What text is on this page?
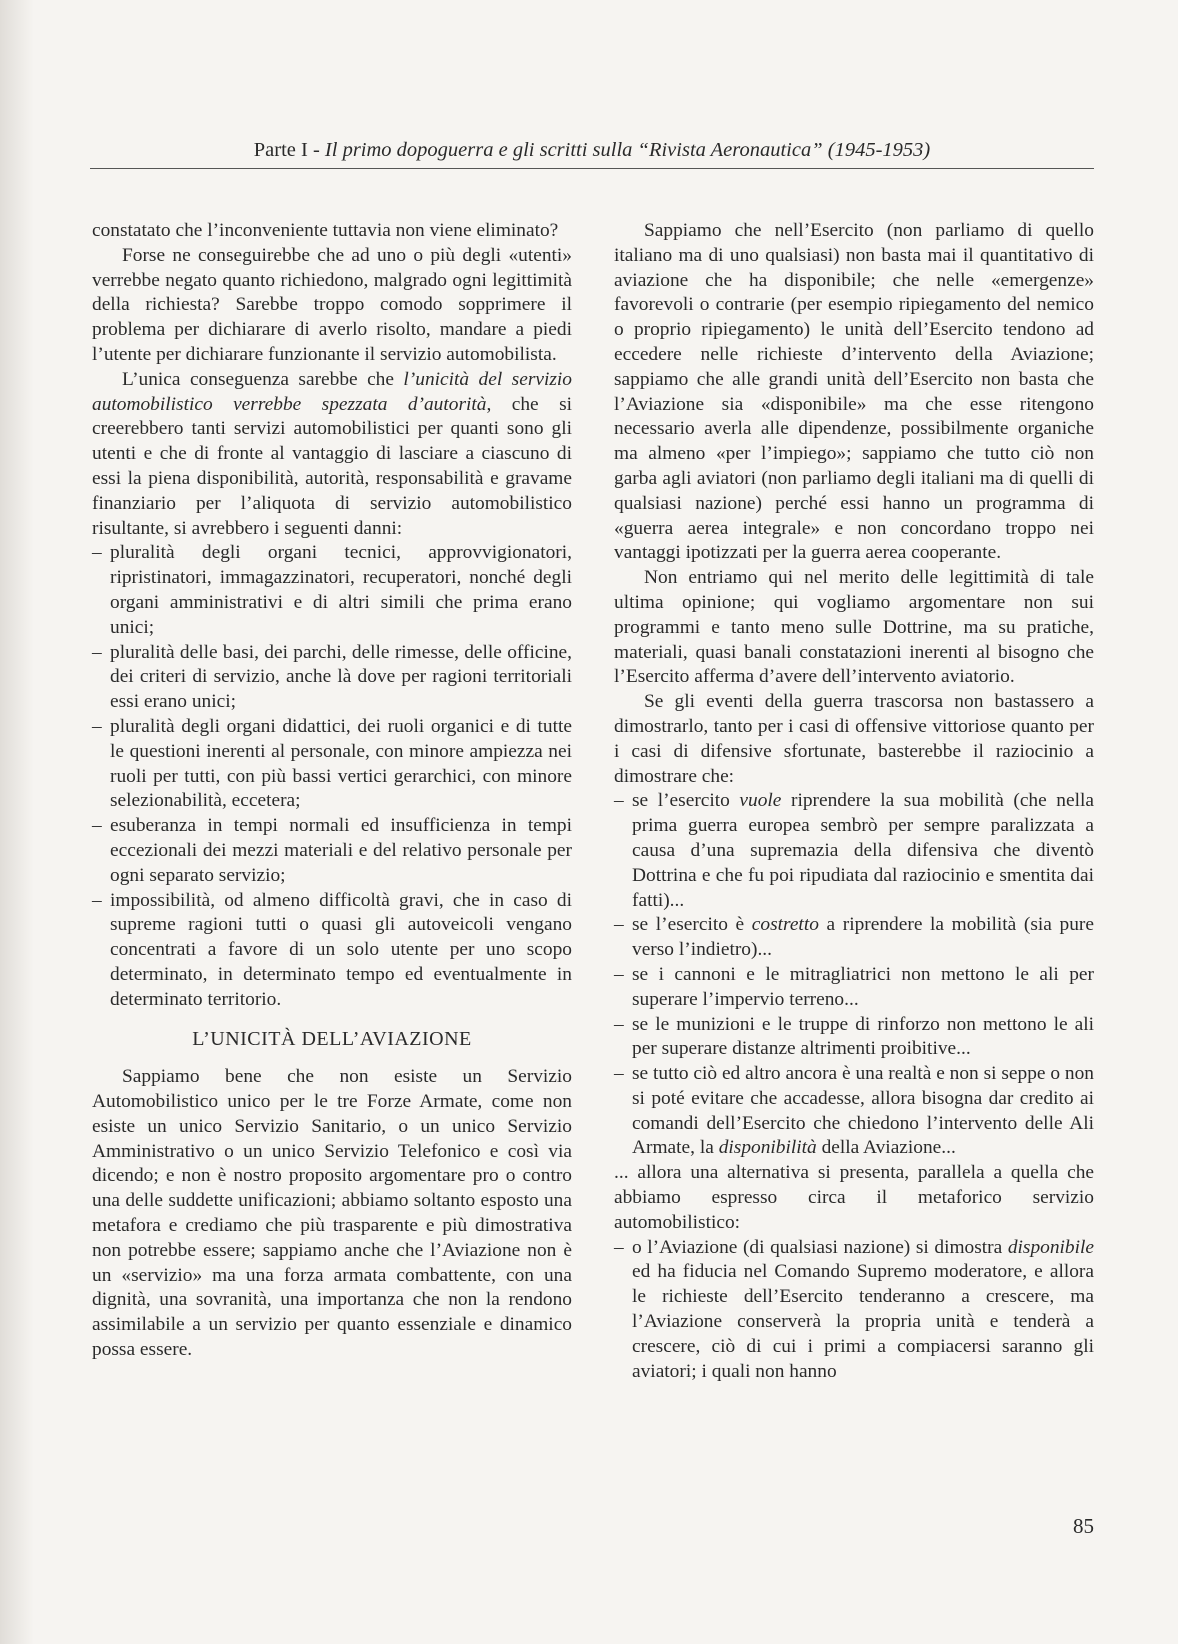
Parte I - Il primo dopoguerra e gli scritti sulla “Rivista Aeronautica” (1945-1953)

constatato che l’inconveniente tuttavia non viene eliminato?

Forse ne conseguirebbe che ad uno o più degli «utenti» verrebbe negato quanto richiedono, malgrado ogni legittimità della richiesta? Sarebbe troppo comodo sopprimere il problema per dichiarare di averlo risolto, mandare a piedi l’utente per dichiarare funzionante il servizio automobilista.

L’unica conseguenza sarebbe che l’unicità del servizio automobilistico verrebbe spezzata d’autorità, che si creerebbero tanti servizi automobilistici per quanti sono gli utenti e che di fronte al vantaggio di lasciare a ciascuno di essi la piena disponibilità, autorità, responsabilità e gravame finanziario per l’aliquota di servizio automobilistico risultante, si avrebbero i seguenti danni:

– pluralità degli organi tecnici, approvvigionatori, ripristinatori, immagazzinatori, recuperatori, nonché degli organi amministrativi e di altri simili che prima erano unici;
– pluralità delle basi, dei parchi, delle rimesse, delle officine, dei criteri di servizio, anche là dove per ragioni territoriali essi erano unici;
– pluralità degli organi didattici, dei ruoli organici e di tutte le questioni inerenti al personale, con minore ampiezza nei ruoli per tutti, con più bassi vertici gerarchici, con minore selezionabilità, eccetera;
– esuberanza in tempi normali ed insufficienza in tempi eccezionali dei mezzi materiali e del relativo personale per ogni separato servizio;
– impossibilità, od almeno difficoltà gravi, che in caso di supreme ragioni tutti o quasi gli autoveicoli vengano concentrati a favore di un solo utente per uno scopo determinato, in determinato tempo ed eventualmente in determinato territorio.
L’UNICITÀ DELL’AVIAZIONE

Sappiamo bene che non esiste un Servizio Automobilistico unico per le tre Forze Armate, come non esiste un unico Servizio Sanitario, o un unico Servizio Amministrativo o un unico Servizio Telefonico e così via dicendo; e non è nostro proposito argomentare pro o contro una delle suddette unificazioni; abbiamo soltanto esposto una metafora e crediamo che più trasparente e più dimostrativa non potrebbe essere; sappiamo anche che l’Aviazione non è un «servizio» ma una forza armata combattente, con una dignità, una sovranità, una importanza che non la rendono assimilabile a un servizio per quanto essenziale e dinamico possa essere.

Sappiamo che nell’Esercito (non parliamo di quello italiano ma di uno qualsiasi) non basta mai il quantitativo di aviazione che ha disponibile; che nelle «emergenze» favorevoli o contrarie (per esempio ripiegamento del nemico o proprio ripiegamento) le unità dell’Esercito tendono ad eccedere nelle richieste d’intervento della Aviazione; sappiamo che alle grandi unità dell’Esercito non basta che l’Aviazione sia «disponibile» ma che esse ritengono necessario averla alle dipendenze, possibilmente organiche ma almeno «per l’impiego»; sappiamo che tutto ciò non garba agli aviatori (non parliamo degli italiani ma di quelli di qualsiasi nazione) perché essi hanno un programma di «guerra aerea integrale» e non concordano troppo nei vantaggi ipotizzati per la guerra aerea cooperante.

Non entriamo qui nel merito delle legittimità di tale ultima opinione; qui vogliamo argomentare non sui programmi e tanto meno sulle Dottrine, ma su pratiche, materiali, quasi banali constatazioni inerenti al bisogno che l’Esercito afferma d’avere dell’intervento aviatorio.

Se gli eventi della guerra trascorsa non bastassero a dimostrarlo, tanto per i casi di offensive vittoriose quanto per i casi di difensive sfortunate, basterebbe il raziocinio a dimostrare che:

– se l’esercito vuole riprendere la sua mobilità (che nella prima guerra europea sembrò per sempre paralizzata a causa d’una supremazia della difensiva che diventò Dottrina e che fu poi ripudiata dal raziocinio e smentita dai fatti)...
– se l’esercito è costretto a riprendere la mobilità (sia pure verso l’indietro)...
– se i cannoni e le mitragliatrici non mettono le ali per superare l’impervio terreno...
– se le munizioni e le truppe di rinforzo non mettono le ali per superare distanze altrimenti proibitive...
– se tutto ciò ed altro ancora è una realtà e non si seppe o non si poté evitare che accadesse, allora bisogna dar credito ai comandi dell’Esercito che chiedono l’intervento delle Ali Armate, la disponibilità della Aviazione...

... allora una alternativa si presenta, parallela a quella che abbiamo espresso circa il metaforico servizio automobilistico:

– o l’Aviazione (di qualsiasi nazione) si dimostra disponibile ed ha fiducia nel Comando Supremo moderatore, e allora le richieste dell’Esercito tenderanno a crescere, ma l’Aviazione conserverà la propria unità e tenderà a crescere, ciò di cui i primi a compiacersi saranno gli aviatori; i quali non hanno
85
